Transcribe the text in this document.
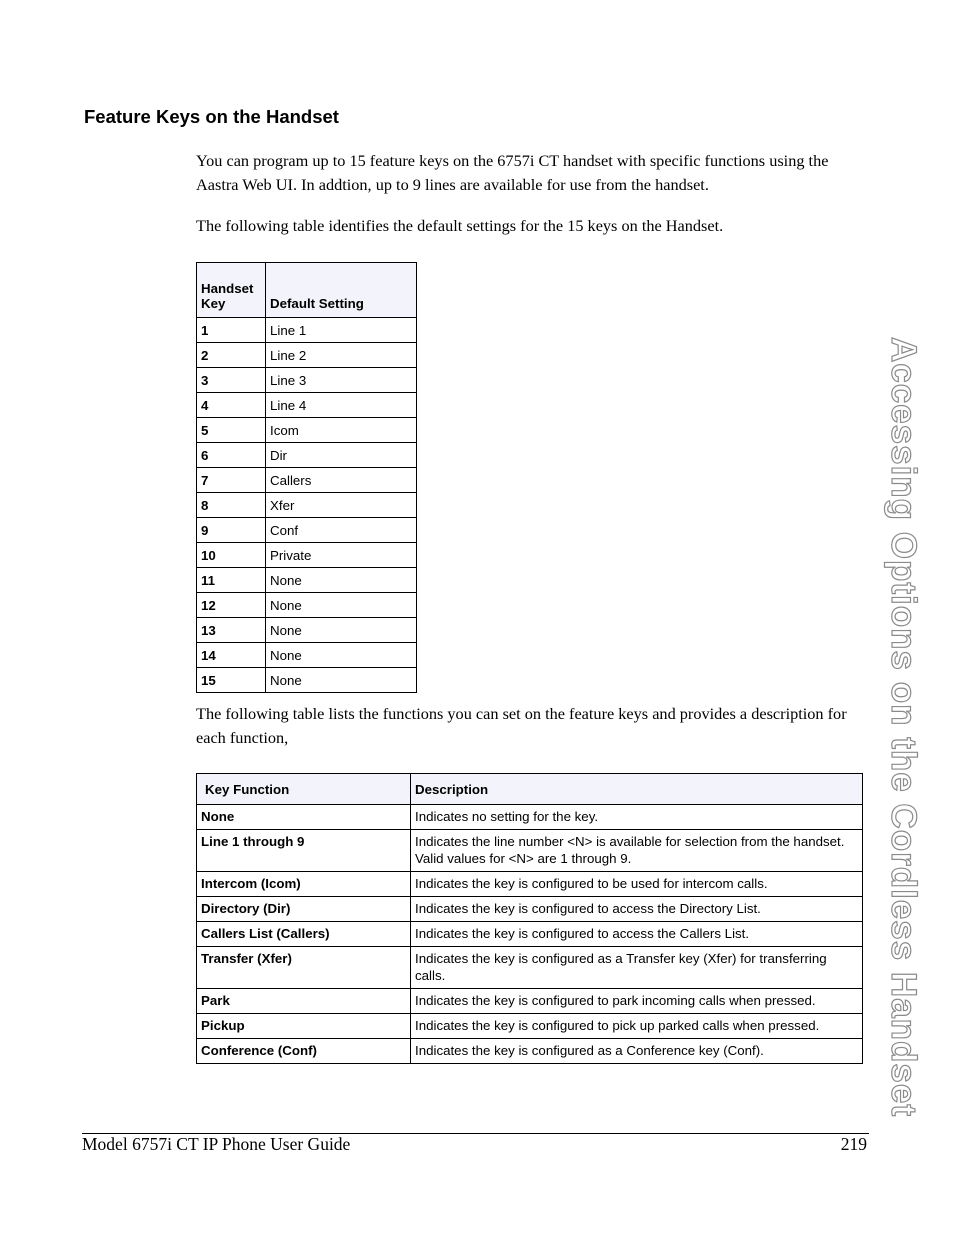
Feature Keys on the Handset

You can program up to 15 feature keys on the 6757i CT handset with specific functions using the Aastra Web UI. In addtion, up to 9 lines are available for use from the handset.

The following table identifies the default settings for the 15 keys on the Handset.

Handset Key	Default Setting
1	Line 1
2	Line 2
3	Line 3
4	Line 4
5	Icom
6	Dir
7	Callers
8	Xfer
9	Conf
10	Private
11	None
12	None
13	None
14	None
15	None

The following table lists the functions you can set on the feature keys and provides a description for each function,

Key Function	Description
None	Indicates no setting for the key.
Line 1 through 9	Indicates the line number <N> is available for selection from the handset. Valid values for <N> are 1 through 9.
Intercom (Icom)	Indicates the key is configured to be used for intercom calls.
Directory (Dir)	Indicates the key is configured to access the Directory List.
Callers List (Callers)	Indicates the key is configured to access the Callers List.
Transfer (Xfer)	Indicates the key is configured as a Transfer key (Xfer) for transferring calls.
Park	Indicates the key is configured to park incoming calls when pressed.
Pickup	Indicates the key is configured to pick up parked calls when pressed.
Conference (Conf)	Indicates the key is configured as a Conference key (Conf).	Accessing Options on the Cordless Handset
Model 6757i CT IP Phone User Guide	219
